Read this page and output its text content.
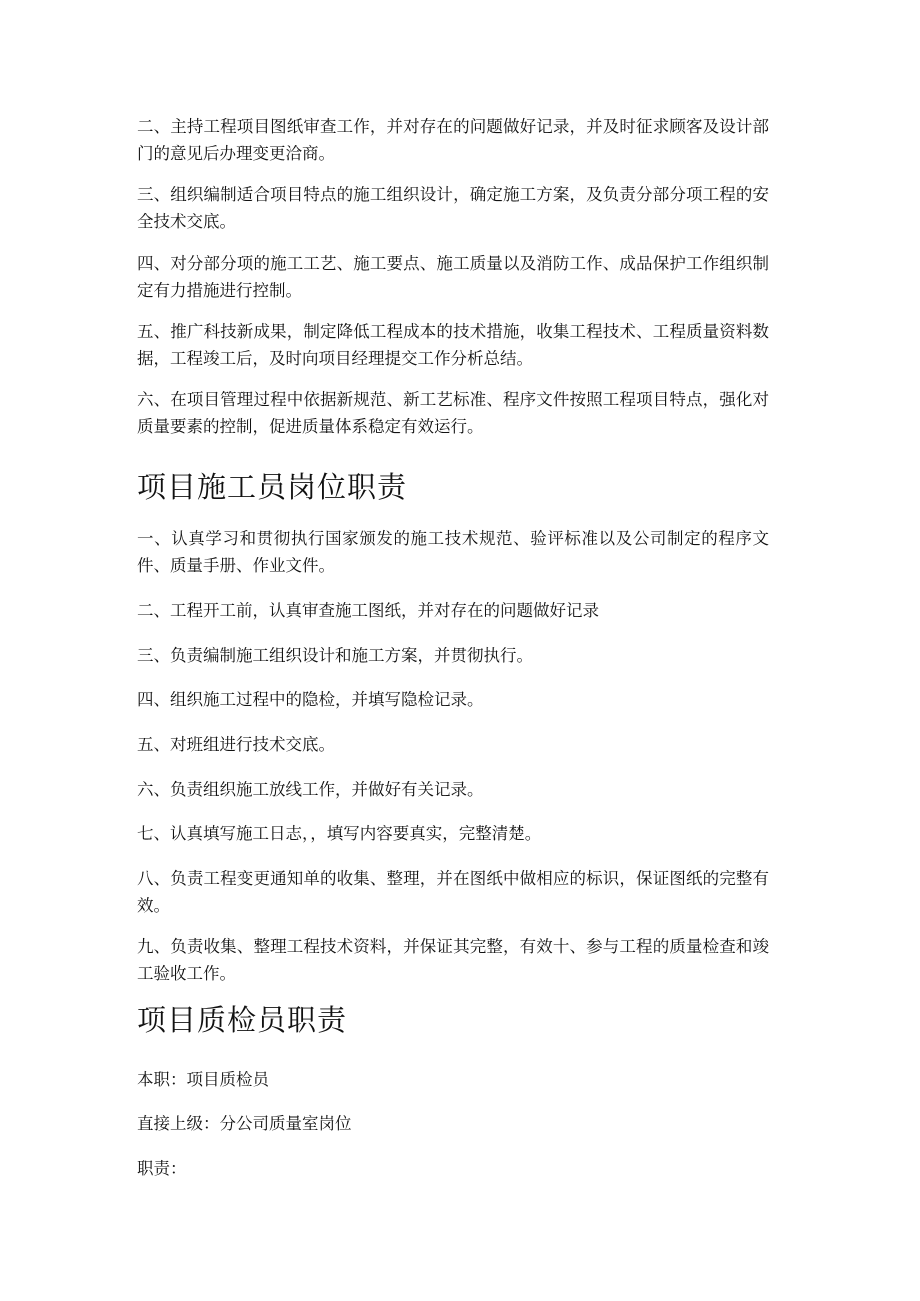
二、主持工程项目图纸审查工作，并对存在的问题做好记录，并及时征求顾客及设计部门的意见后办理变更洽商。

三、组织编制适合项目特点的施工组织设计，确定施工方案，及负责分部分项工程的安全技术交底。

四、对分部分项的施工工艺、施工要点、施工质量以及消防工作、成品保护工作组织制定有力措施进行控制。

五、推广科技新成果，制定降低工程成本的技术措施，收集工程技术、工程质量资料数据，工程竣工后，及时向项目经理提交工作分析总结。

六、在项目管理过程中依据新规范、新工艺标准、程序文件按照工程项目特点，强化对质量要素的控制，促进质量体系稳定有效运行。

项目施工员岗位职责

一、认真学习和贯彻执行国家颁发的施工技术规范、验评标准以及公司制定的程序文件、质量手册、作业文件。

二、工程开工前，认真审查施工图纸，并对存在的问题做好记录

三、负责编制施工组织设计和施工方案，并贯彻执行。

四、组织施工过程中的隐检，并填写隐检记录。

五、对班组进行技术交底。

六、负责组织施工放线工作，并做好有关记录。

七、认真填写施工日志，，填写内容要真实，完整清楚。

八、负责工程变更通知单的收集、整理，并在图纸中做相应的标识，保证图纸的完整有效。

九、负责收集、整理工程技术资料，并保证其完整，有效十、参与工程的质量检查和竣工验收工作。

项目质检员职责

本职：项目质检员

直接上级：分公司质量室岗位

职责：
